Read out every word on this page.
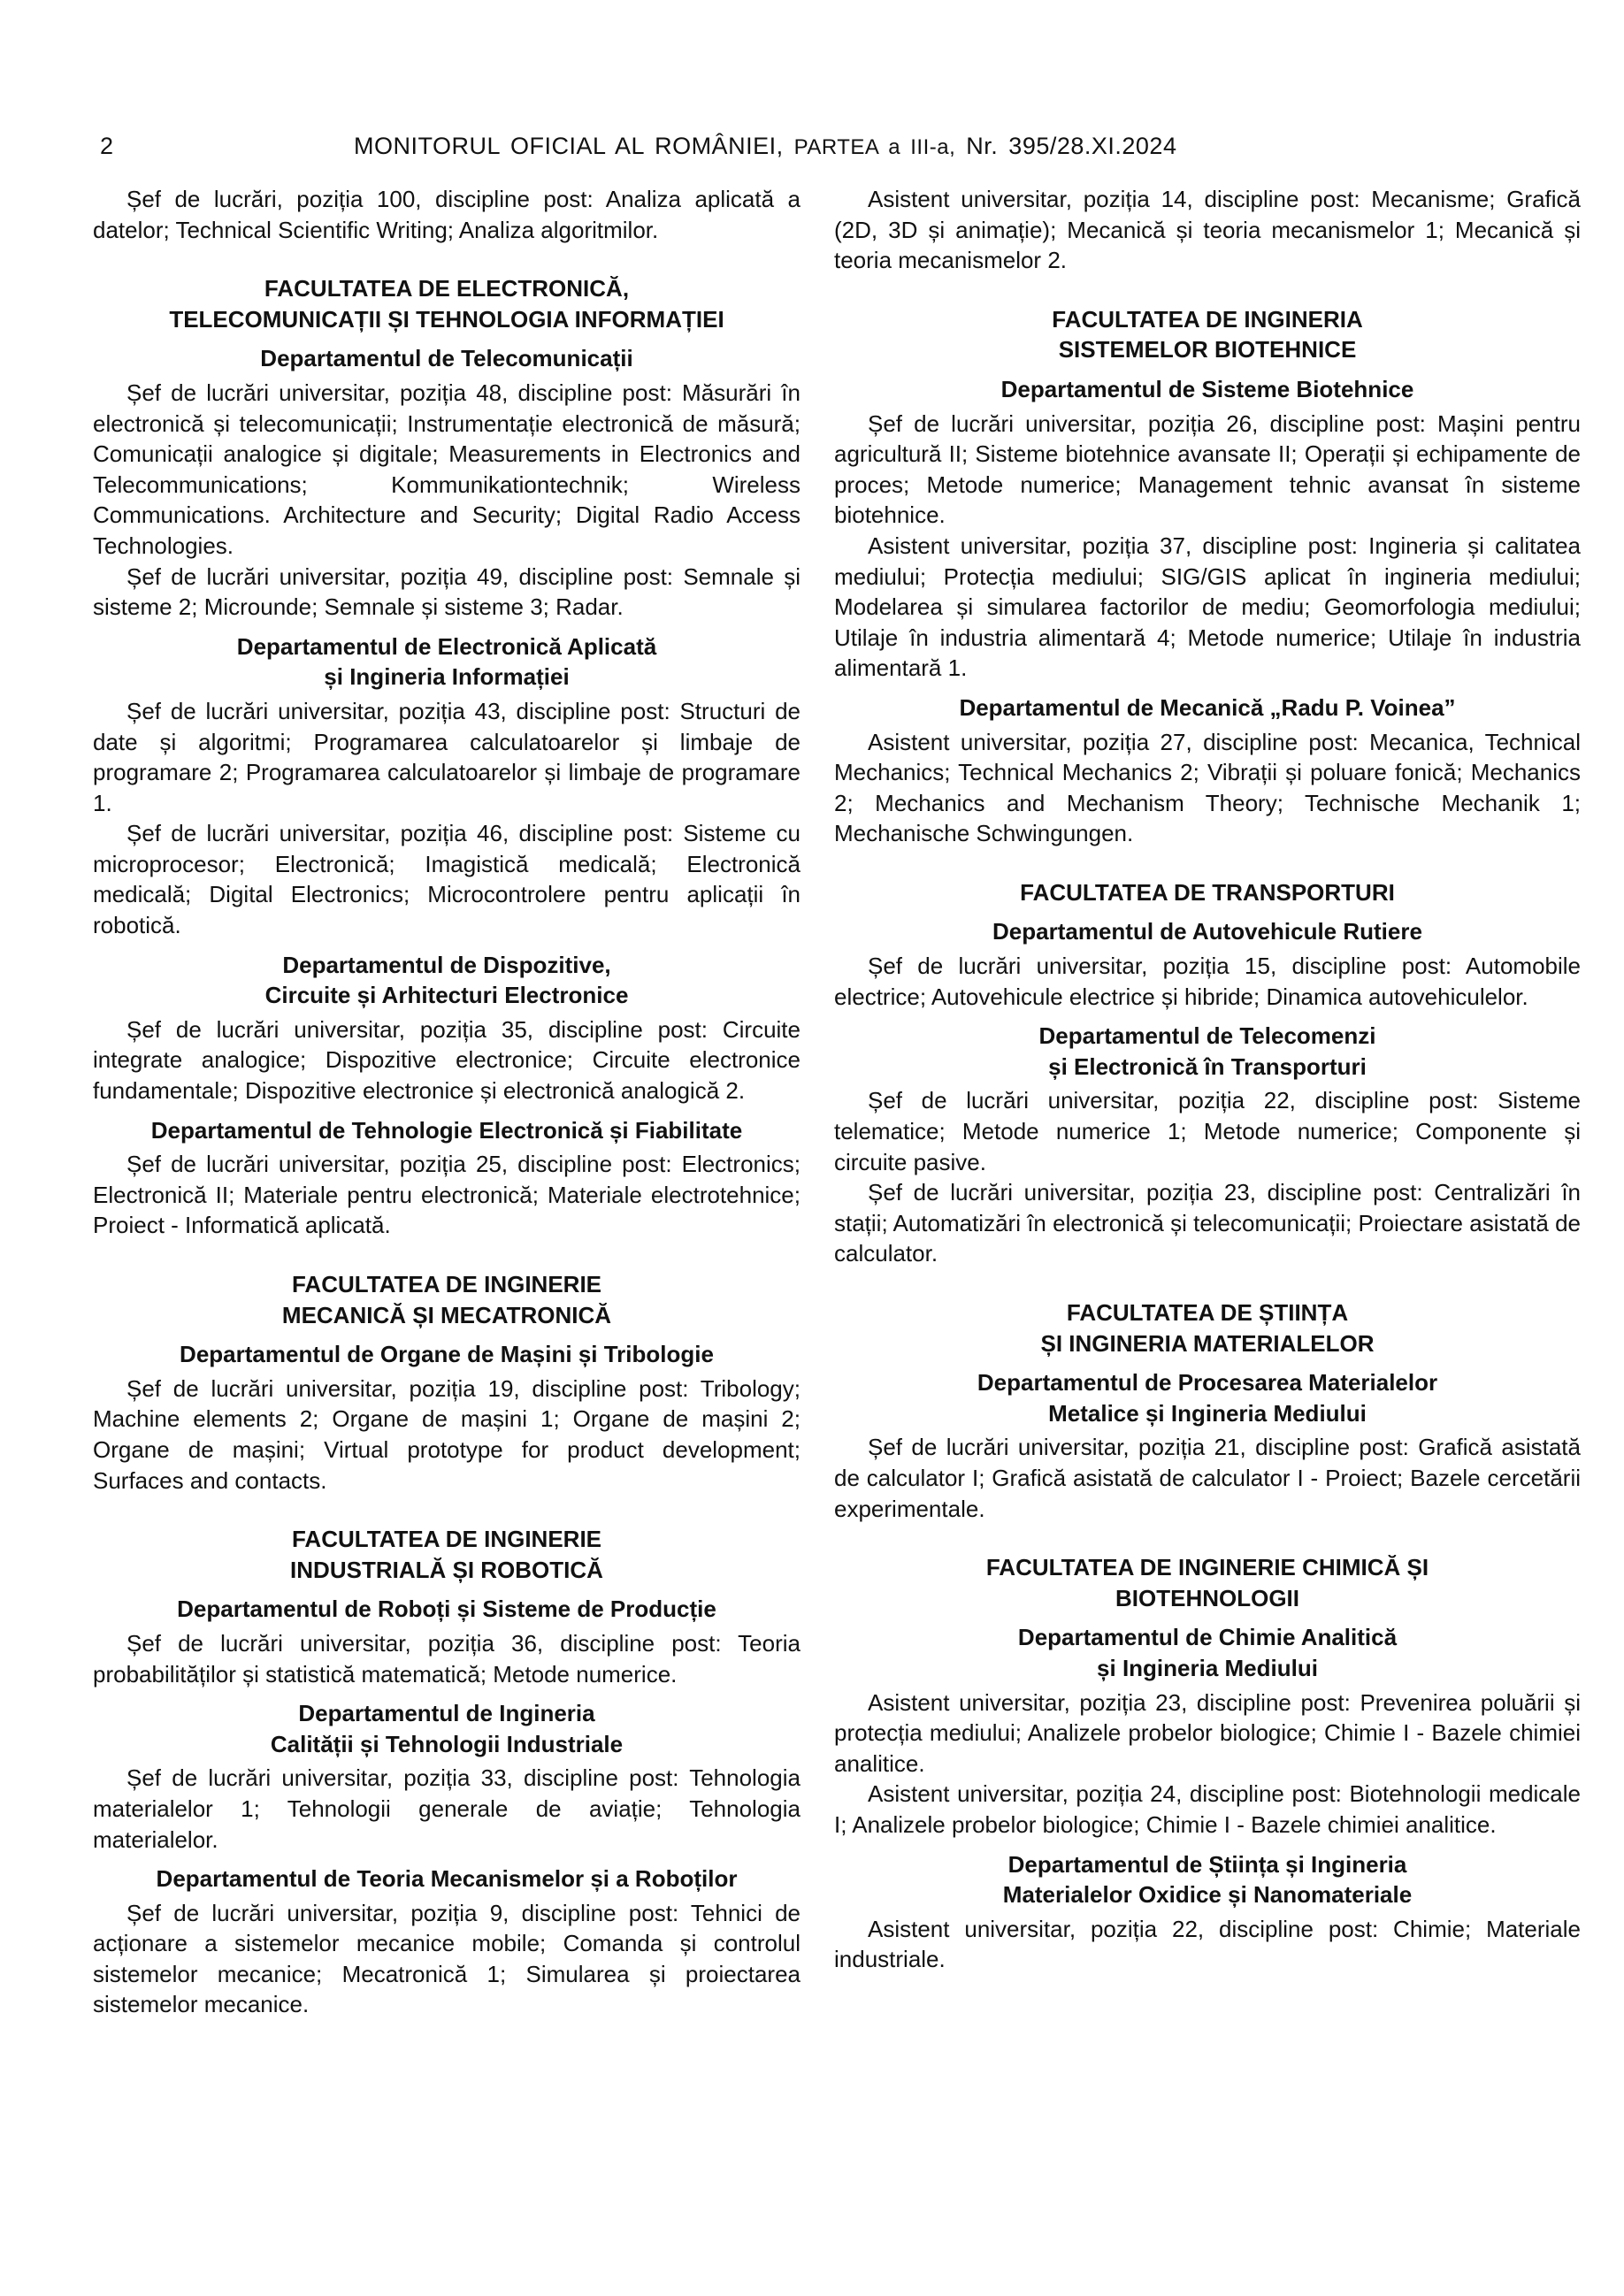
2	MONITORUL OFICIAL AL ROMÂNIEI, PARTEA a III-a, Nr. 395/28.XI.2024
Șef de lucrări, poziția 100, discipline post: Analiza aplicată a datelor; Technical Scientific Writing; Analiza algoritmilor.
FACULTATEA DE ELECTRONICĂ,
TELECOMUNICAȚII ȘI TEHNOLOGIA INFORMAȚIEI
Departamentul de Telecomunicații
Șef de lucrări universitar, poziția 48, discipline post: Măsurări în electronică și telecomunicații; Instrumentație electronică de măsură; Comunicații analogice și digitale; Measurements in Electronics and Telecommunications; Kommunikationtechnik; Wireless Communications. Architecture and Security; Digital Radio Access Technologies.
Șef de lucrări universitar, poziția 49, discipline post: Semnale și sisteme 2; Microunde; Semnale și sisteme 3; Radar.
Departamentul de Electronică Aplicată
și Ingineria Informației
Șef de lucrări universitar, poziția 43, discipline post: Structuri de date și algoritmi; Programarea calculatoarelor și limbaje de programare 2; Programarea calculatoarelor și limbaje de programare 1.
Șef de lucrări universitar, poziția 46, discipline post: Sisteme cu microprocesor; Electronică; Imagistică medicală; Electronică medicală; Digital Electronics; Microcontrolere pentru aplicații în robotică.
Departamentul de Dispozitive,
Circuite și Arhitecturi Electronice
Șef de lucrări universitar, poziția 35, discipline post: Circuite integrate analogice; Dispozitive electronice; Circuite electronice fundamentale; Dispozitive electronice și electronică analogică 2.
Departamentul de Tehnologie Electronică și Fiabilitate
Șef de lucrări universitar, poziția 25, discipline post: Electronics; Electronică II; Materiale pentru electronică; Materiale electrotehnice; Proiect - Informatică aplicată.
FACULTATEA DE INGINERIE
MECANICĂ ȘI MECATRONICĂ
Departamentul de Organe de Mașini și Tribologie
Șef de lucrări universitar, poziția 19, discipline post: Tribology; Machine elements 2; Organe de mașini 1; Organe de mașini 2; Organe de mașini; Virtual prototype for product development; Surfaces and contacts.
FACULTATEA DE INGINERIE
INDUSTRIALĂ ȘI ROBOTICĂ
Departamentul de Roboți și Sisteme de Producție
Șef de lucrări universitar, poziția 36, discipline post: Teoria probabilităților și statistică matematică; Metode numerice.
Departamentul de Ingineria
Calității și Tehnologii Industriale
Șef de lucrări universitar, poziția 33, discipline post: Tehnologia materialelor 1; Tehnologii generale de aviație; Tehnologia materialelor.
Departamentul de Teoria Mecanismelor și a Roboților
Șef de lucrări universitar, poziția 9, discipline post: Tehnici de acționare a sistemelor mecanice mobile; Comanda și controlul sistemelor mecanice; Mecatronică 1; Simularea și proiectarea sistemelor mecanice.
Asistent universitar, poziția 14, discipline post: Mecanisme; Grafică (2D, 3D și animație); Mecanică și teoria mecanismelor 1; Mecanică și teoria mecanismelor 2.
FACULTATEA DE INGINERIA
SISTEMELOR BIOTEHNICE
Departamentul de Sisteme Biotehnice
Șef de lucrări universitar, poziția 26, discipline post: Mașini pentru agricultură II; Sisteme biotehnice avansate II; Operații și echipamente de proces; Metode numerice; Management tehnic avansat în sisteme biotehnice.
Asistent universitar, poziția 37, discipline post: Ingineria și calitatea mediului; Protecția mediului; SIG/GIS aplicat în ingineria mediului; Modelarea și simularea factorilor de mediu; Geomorfologia mediului; Utilaje în industria alimentară 4; Metode numerice; Utilaje în industria alimentară 1.
Departamentul de Mecanică „Radu P. Voinea”
Asistent universitar, poziția 27, discipline post: Mecanica, Technical Mechanics; Technical Mechanics 2; Vibrații și poluare fonică; Mechanics 2; Mechanics and Mechanism Theory; Technische Mechanik 1; Mechanische Schwingungen.
FACULTATEA DE TRANSPORTURI
Departamentul de Autovehicule Rutiere
Șef de lucrări universitar, poziția 15, discipline post: Automobile electrice; Autovehicule electrice și hibride; Dinamica autovehiculelor.
Departamentul de Telecomenzi
și Electronică în Transporturi
Șef de lucrări universitar, poziția 22, discipline post: Sisteme telematice; Metode numerice 1; Metode numerice; Componente și circuite pasive.
Șef de lucrări universitar, poziția 23, discipline post: Centralizări în stații; Automatizări în electronică și telecomunicații; Proiectare asistată de calculator.
FACULTATEA DE ȘTIINȚA
ȘI INGINERIA MATERIALELOR
Departamentul de Procesarea Materialelor
Metalice și Ingineria Mediului
Șef de lucrări universitar, poziția 21, discipline post: Grafică asistată de calculator I; Grafică asistată de calculator I - Proiect; Bazele cercetării experimentale.
FACULTATEA DE INGINERIE CHIMICĂ ȘI
BIOTEHNOLOGII
Departamentul de Chimie Analitică
și Ingineria Mediului
Asistent universitar, poziția 23, discipline post: Prevenirea poluării și protecția mediului; Analizele probelor biologice; Chimie I - Bazele chimiei analitice.
Asistent universitar, poziția 24, discipline post: Biotehnologii medicale I; Analizele probelor biologice; Chimie I - Bazele chimiei analitice.
Departamentul de Știința și Ingineria
Materialelor Oxidice și Nanomateriale
Asistent universitar, poziția 22, discipline post: Chimie; Materiale industriale.
